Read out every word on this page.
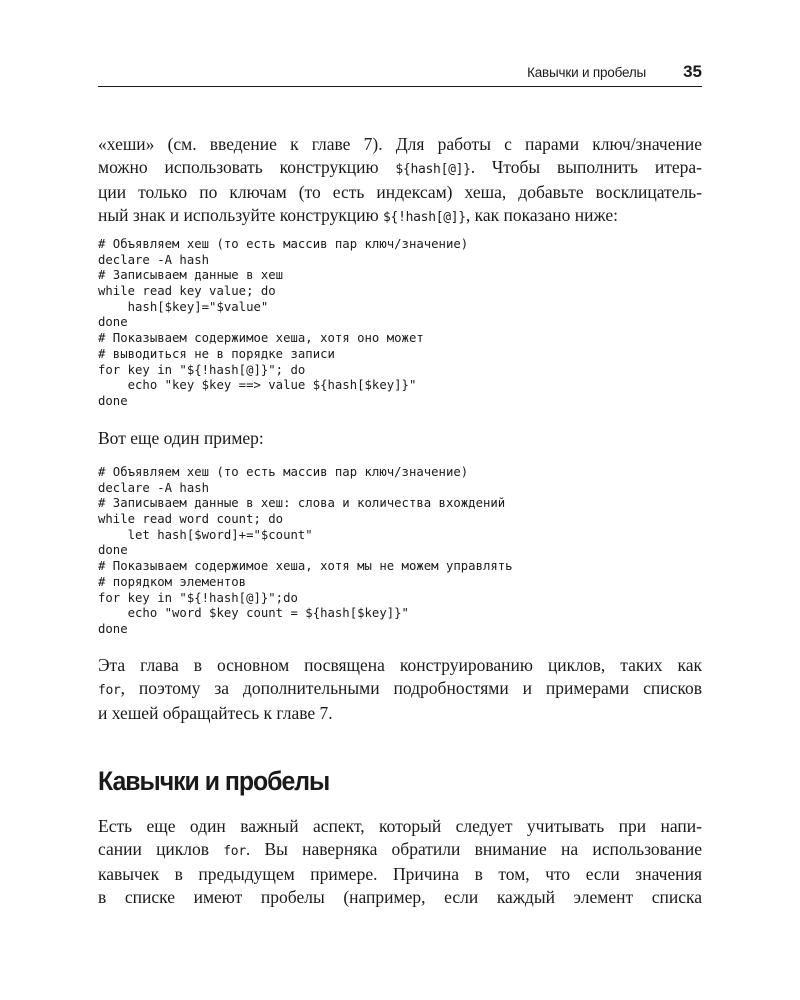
Кавычки и пробелы 35

«хеши» (см. введение к главе 7). Для работы с парами ключ/значение
можно использовать конструкцию ${hash[@]}. Чтобы выполнить итера-
ции только по ключам (то есть индексам) хеша, добавьте восклицатель-
ный знак и используйте конструкцию ${!hash[@]}, как показано ниже:

# Объявляем хеш (то есть массив пар ключ/значение)
declare -A hash
# Записываем данные в хеш
while read key value; do
hash[$key]="$value"
done
# Показываем содержимое хеша, хотя оно может
# выводиться не в порядке записи
for key in "${!hash[@]}"; do
echo "key $key ==> value ${hash[$key]}"
done

Вот еще один пример:

# Объявляем хеш (то есть массив пар ключ/значение)
declare -A hash
# Записываем данные в хеш: слова и количества вхождений
while read word count; do
let hash[$word]+="$count"
done
# Показываем содержимое хеша, хотя мы не можем управлять
# порядком элементов
for key in "${!hash[@]}";do
echo "word $key count = ${hash[$key]}"
done

Эта глава в основном посвящена конструированию циклов, таких как
for, поэтому за дополнительными подробностями и примерами списков
и хешей обращайтесь к главе 7.

Кавычки и пробелы

Есть еще один важный аспект, который следует учитывать при напи-
сании циклов for. Вы наверняка обратили внимание на использование
кавычек в предыдущем примере. Причина в том, что если значения
в списке имеют пробелы (например, если каждый элемент списка
